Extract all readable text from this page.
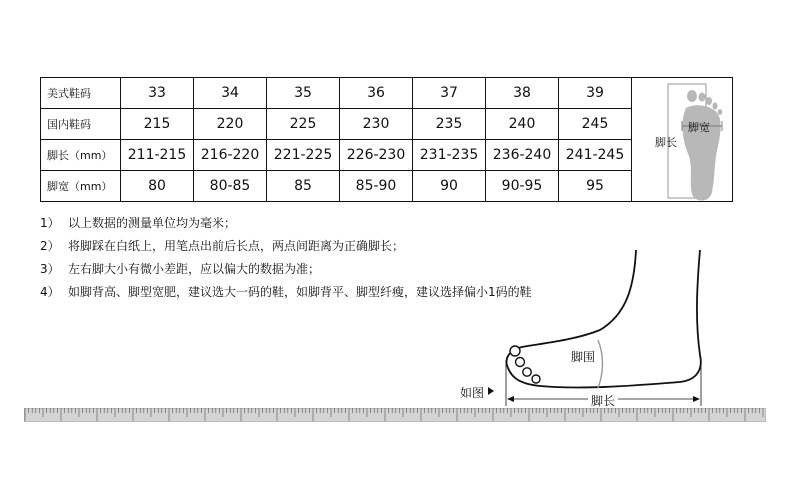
美式鞋码	33	34	35	36	37	38	39	
国内鞋码	215	220	225	230	235	240	245	
脚长（mm）	211-215	216-220	221-225	226-230	231-235	236-240	241-245	
脚宽（mm）	80	80-85	85	85-90	90	90-95	95	
1） 以上数据的测量单位均为毫米；
2） 将脚踩在白纸上，用笔点出前后长点，两点间距离为正确脚长；
3） 左右脚大小有微小差距，应以偏大的数据为准；
4） 如脚背高、脚型宽肥，建议选大一码的鞋，如脚背平、脚型纤瘦，建议选择偏小1码的鞋
脚宽
脚长
脚围
如图
脚长
